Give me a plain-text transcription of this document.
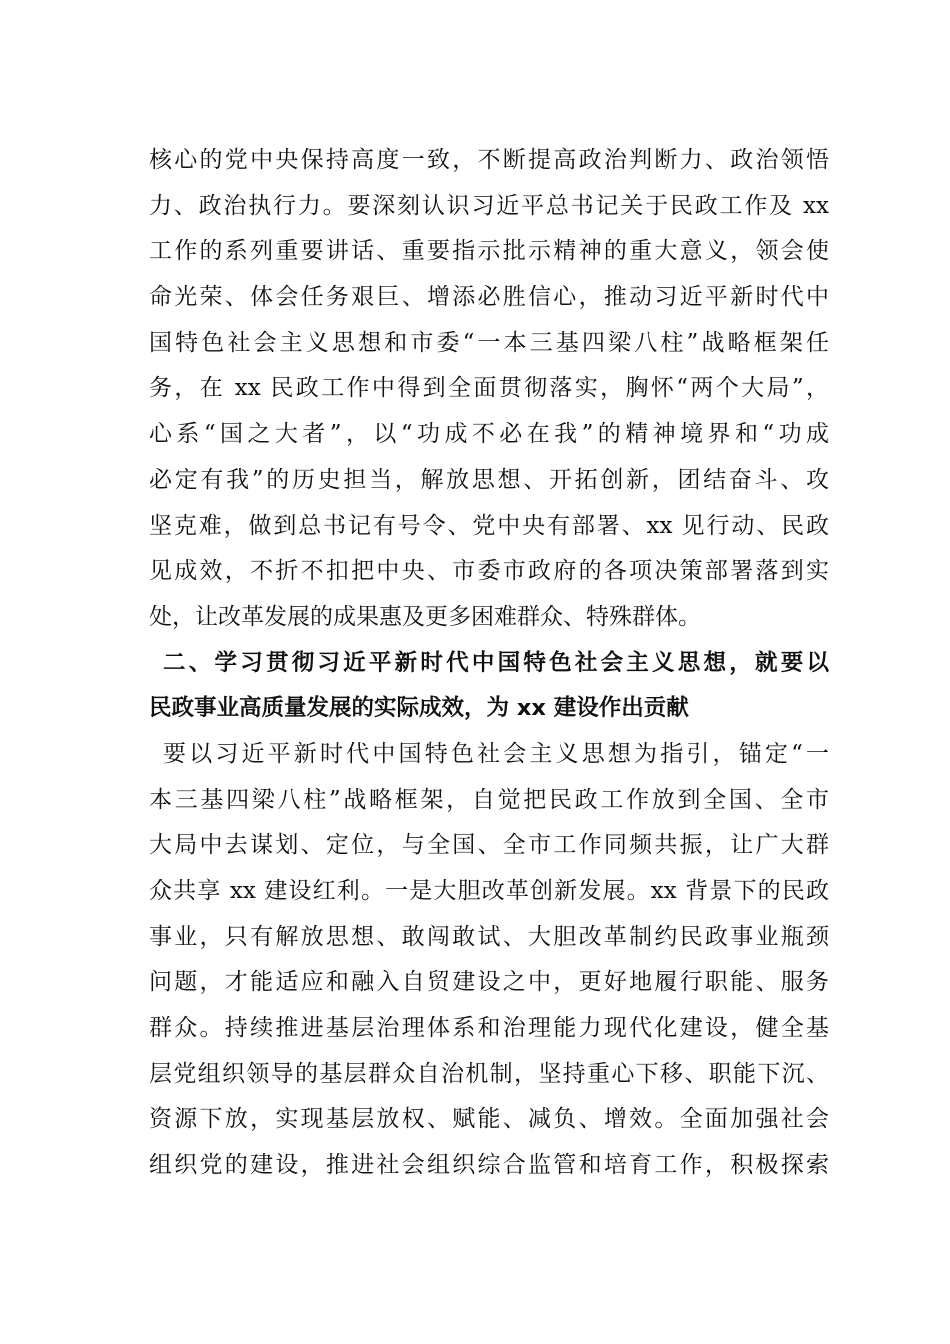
核心的党中央保持高度一致，不断提高政治判断力、政治领悟
力、政治执行力。要深刻认识习近平总书记关于民政工作及 xx
工作的系列重要讲话、重要指示批示精神的重大意义，领会使
命光荣、体会任务艰巨、增添必胜信心，推动习近平新时代中
国特色社会主义思想和市委“一本三基四梁八柱”战略框架任
务，在 xx 民政工作中得到全面贯彻落实，胸怀“两个大局”，
心系“国之大者”，以“功成不必在我”的精神境界和“功成
必定有我”的历史担当，解放思想、开拓创新，团结奋斗、攻
坚克难，做到总书记有号令、党中央有部署、xx 见行动、民政
见成效，不折不扣把中央、市委市政府的各项决策部署落到实
处，让改革发展的成果惠及更多困难群众、特殊群体。
二、学习贯彻习近平新时代中国特色社会主义思想，就要以
民政事业高质量发展的实际成效，为 xx 建设作出贡献
要以习近平新时代中国特色社会主义思想为指引，锚定“一
本三基四梁八柱”战略框架，自觉把民政工作放到全国、全市
大局中去谋划、定位，与全国、全市工作同频共振，让广大群
众共享 xx 建设红利。一是大胆改革创新发展。xx 背景下的民政
事业，只有解放思想、敢闯敢试、大胆改革制约民政事业瓶颈
问题，才能适应和融入自贸建设之中，更好地履行职能、服务
群众。持续推进基层治理体系和治理能力现代化建设，健全基
层党组织领导的基层群众自治机制，坚持重心下移、职能下沉、
资源下放，实现基层放权、赋能、减负、增效。全面加强社会
组织党的建设，推进社会组织综合监管和培育工作，积极探索
